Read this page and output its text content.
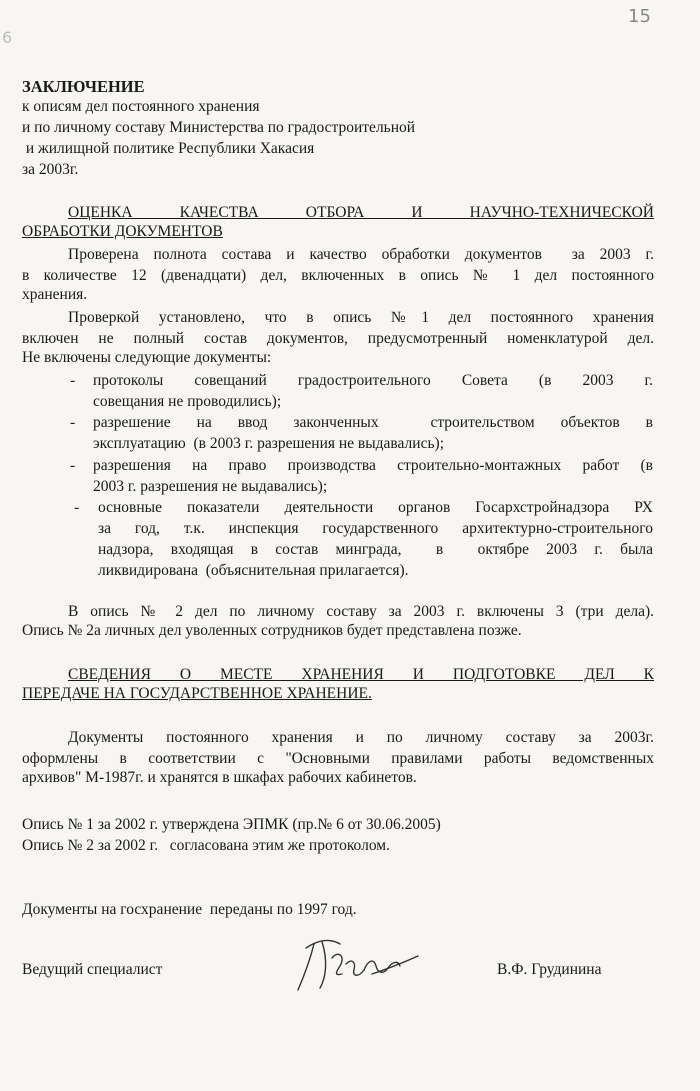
15
6
ЗАКЛЮЧЕНИЕ
к описям дел постоянного хранения
и по личному составу Министерства по градостроительной
и жилищной политике Республики Хакасия
за 2003г.
ОЦЕНКА КАЧЕСТВА ОТБОРА И НАУЧНО-ТЕХНИЧЕСКОЙ
ОБРАБОТКИ ДОКУМЕНТОВ
Проверена полнота состава и качество обработки документов  за 2003 г.
в количестве 12 (двенадцати) дел, включенных в опись № 1 дел постоянного
хранения.
Проверкой установлено, что в опись №1 дел постоянного хранения
включен не полный состав документов, предусмотренный номенклатурой дел.
Не включены следующие документы:
- протоколы совещаний градостроительного Совета (в 2003 г.
совещания не проводились);
- разрешение на ввод законченных  строительством объектов в
эксплуатацию  (в 2003 г. разрешения не выдавались);
- разрешения на право производства строительно-монтажных работ (в
2003 г. разрешения не выдавались);
- основные показатели деятельности органов Госархстройнадзора РХ
за год, т.к. инспекция государственного архитектурно-строительного
надзора, входящая в состав минграда,  в  октябре 2003 г. была
ликвидирована  (объяснительная прилагается).
В опись № 2 дел по личному составу за 2003 г. включены 3 (три дела).
Опись № 2а личных дел уволенных сотрудников будет представлена позже.
СВЕДЕНИЯ О МЕСТЕ ХРАНЕНИЯ И ПОДГОТОВКЕ ДЕЛ К
ПЕРЕДАЧЕ НА ГОСУДАРСТВЕННОЕ ХРАНЕНИЕ.
Документы постоянного хранения и по личному составу за 2003г.
оформлены в соответствии с "Основными правилами работы ведомственных
архивов" М-1987г. и хранятся в шкафах рабочих кабинетов.
Опись № 1 за 2002 г. утверждена ЭПМК (пр.№ 6 от 30.06.2005)
Опись № 2 за 2002 г.   согласована этим же протоколом.
Документы на госхранение  переданы по 1997 год.
Ведущий специалист	В.Ф. Грудинина
